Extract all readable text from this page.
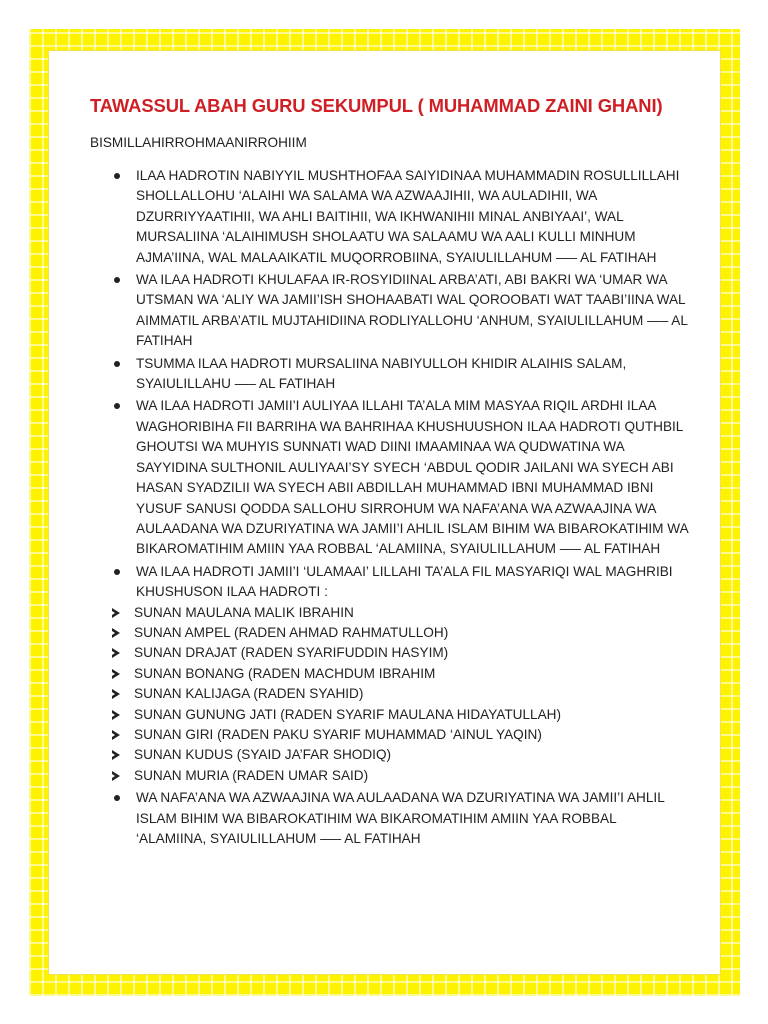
TAWASSUL ABAH GURU SEKUMPUL ( MUHAMMAD ZAINI GHANI)

BISMILLAHIRROHMAANIRROHIIM

ILAA HADROTIN NABIYYIL MUSHTHOFAA SAIYIDINAA MUHAMMADIN ROSULLILLAHI SHOLLALLOHU ‘ALAIHI WA SALAMA WA AZWAAJIHII, WA AULADIHII, WA DZURRIYYAATIHII, WA AHLI BAITIHII, WA IKHWANIHII MINAL ANBIYAAI’, WAL MURSALIINA ‘ALAIHIMUSH SHOLAATU WA SALAAMU WA AALI KULLI MINHUM AJMA’IINA, WAL MALAAIKATIL MUQORROBIINA, SYAIULILLAHUM —– AL FATIHAH
WA ILAA HADROTI KHULAFAA IR-ROSYIDIINAL ARBA’ATI, ABI BAKRI WA ‘UMAR WA UTSMAN WA ‘ALIY WA JAMII’ISH SHOHAABATI WAL QOROOBATI WAT TAABI’IINA WAL AIMMATIL ARBA’ATIL MUJTAHIDIINA RODLIYALLOHU ‘ANHUM, SYAIULILLAHUM —– AL FATIHAH
TSUMMA ILAA HADROTI MURSALIINA NABIYULLOH KHIDIR ALAIHIS SALAM, SYAIULILLAHU —– AL FATIHAH
WA ILAA HADROTI JAMII’I AULIYAA ILLAHI TA’ALA MIM MASYAA RIQIL ARDHI ILAA WAGHORIBIHA FII BARRIHA WA BAHRIHAA KHUSHUUSHON ILAA HADROTI QUTHBIL GHOUTSI WA MUHYIS SUNNATI WAD DIINI IMAAMINAA WA QUDWATINA WA SAYYIDINA SULTHONIL AULIYAAI’SY SYECH ‘ABDUL QODIR JAILANI WA SYECH ABI HASAN SYADZILII WA SYECH ABII ABDILLAH MUHAMMAD IBNI MUHAMMAD IBNI YUSUF SANUSI QODDA SALLOHU SIRROHUM WA NAFA’ANA WA AZWAAJINA WA AULAADANA WA DZURIYATINA WA JAMII’I AHLIL ISLAM BIHIM WA BIBAROKATIHIM WA BIKAROMATIHIM AMIIN YAA ROBBAL ‘ALAMIINA, SYAIULILLAHUM —– AL FATIHAH
WA ILAA HADROTI JAMII’I ‘ULAMAAI’ LILLAHI TA’ALA FIL MASYARIQI WAL MAGHRIBI KHUSHUSON ILAA HADROTI :
SUNAN MAULANA MALIK IBRAHIN
SUNAN AMPEL (RADEN AHMAD RAHMATULLOH)
SUNAN DRAJAT (RADEN SYARIFUDDIN HASYIM)
SUNAN BONANG (RADEN MACHDUM IBRAHIM
SUNAN KALIJAGA (RADEN SYAHID)
SUNAN GUNUNG JATI (RADEN SYARIF MAULANA HIDAYATULLAH)
SUNAN GIRI (RADEN PAKU SYARIF MUHAMMAD ‘AINUL YAQIN)
SUNAN KUDUS (SYAID JA’FAR SHODIQ)
SUNAN MURIA (RADEN UMAR SAID)
WA NAFA’ANA WA AZWAAJINA WA AULAADANA WA DZURIYATINA WA JAMII’I AHLIL ISLAM BIHIM WA BIBAROKATIHIM WA BIKAROMATIHIM AMIIN YAA ROBBAL ‘ALAMIINA, SYAIULILLAHUM —– AL FATIHAH
